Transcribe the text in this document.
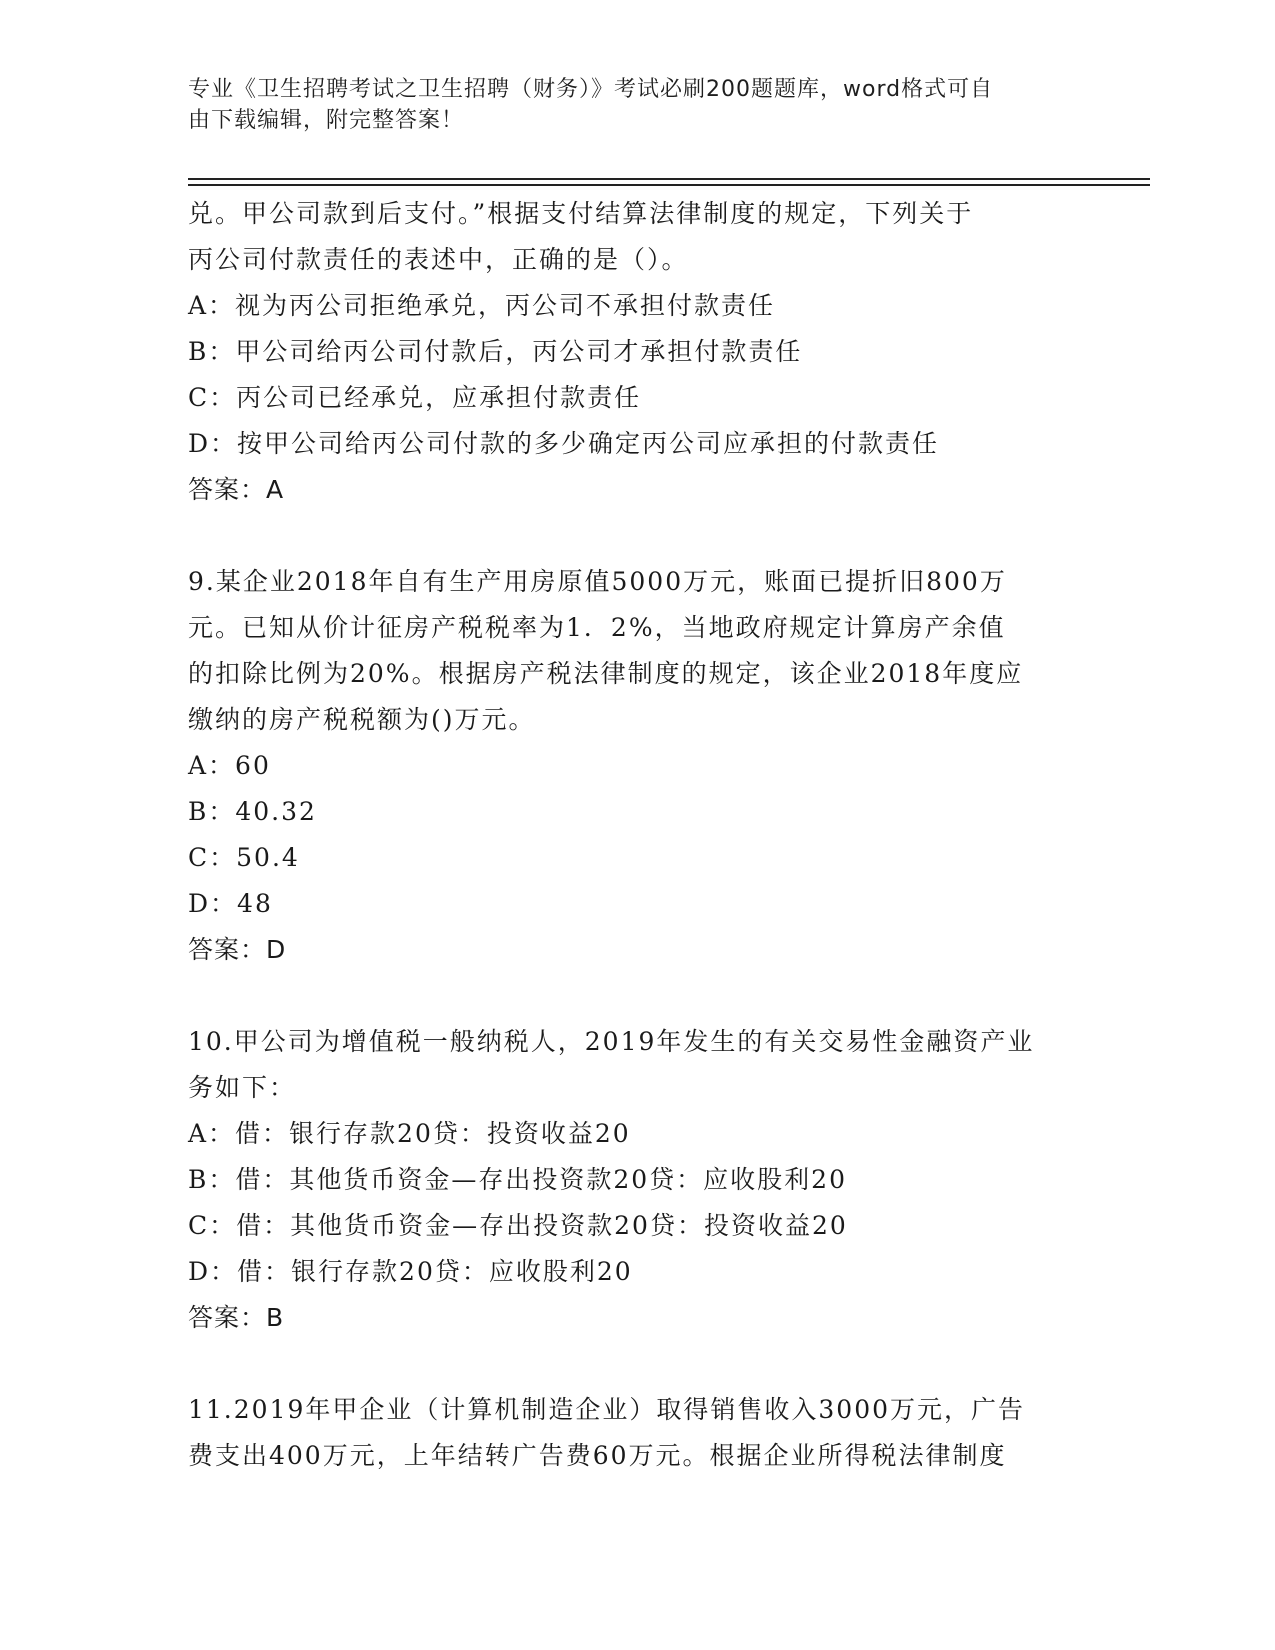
专业《卫生招聘考试之卫生招聘（财务）》考试必刷200题题库，word格式可自
由下载编辑，附完整答案！
兑。甲公司款到后支付。”根据支付结算法律制度的规定，下列关于
丙公司付款责任的表述中，正确的是（）。
A：视为丙公司拒绝承兑，丙公司不承担付款责任
B：甲公司给丙公司付款后，丙公司才承担付款责任
C：丙公司已经承兑，应承担付款责任
D：按甲公司给丙公司付款的多少确定丙公司应承担的付款责任
答案：A
9.某企业2018年自有生产用房原值5000万元，账面已提折旧800万
元。已知从价计征房产税税率为1．2%，当地政府规定计算房产余值
的扣除比例为20%。根据房产税法律制度的规定，该企业2018年度应
缴纳的房产税税额为()万元。
A：60
B：40.32
C：50.4
D：48
答案：D
10.甲公司为增值税一般纳税人，2019年发生的有关交易性金融资产业
务如下：
A：借：银行存款20贷：投资收益20
B：借：其他货币资金—存出投资款20贷：应收股利20
C：借：其他货币资金—存出投资款20贷：投资收益20
D：借：银行存款20贷：应收股利20
答案：B
11.2019年甲企业（计算机制造企业）取得销售收入3000万元，广告
费支出400万元，上年结转广告费60万元。根据企业所得税法律制度
